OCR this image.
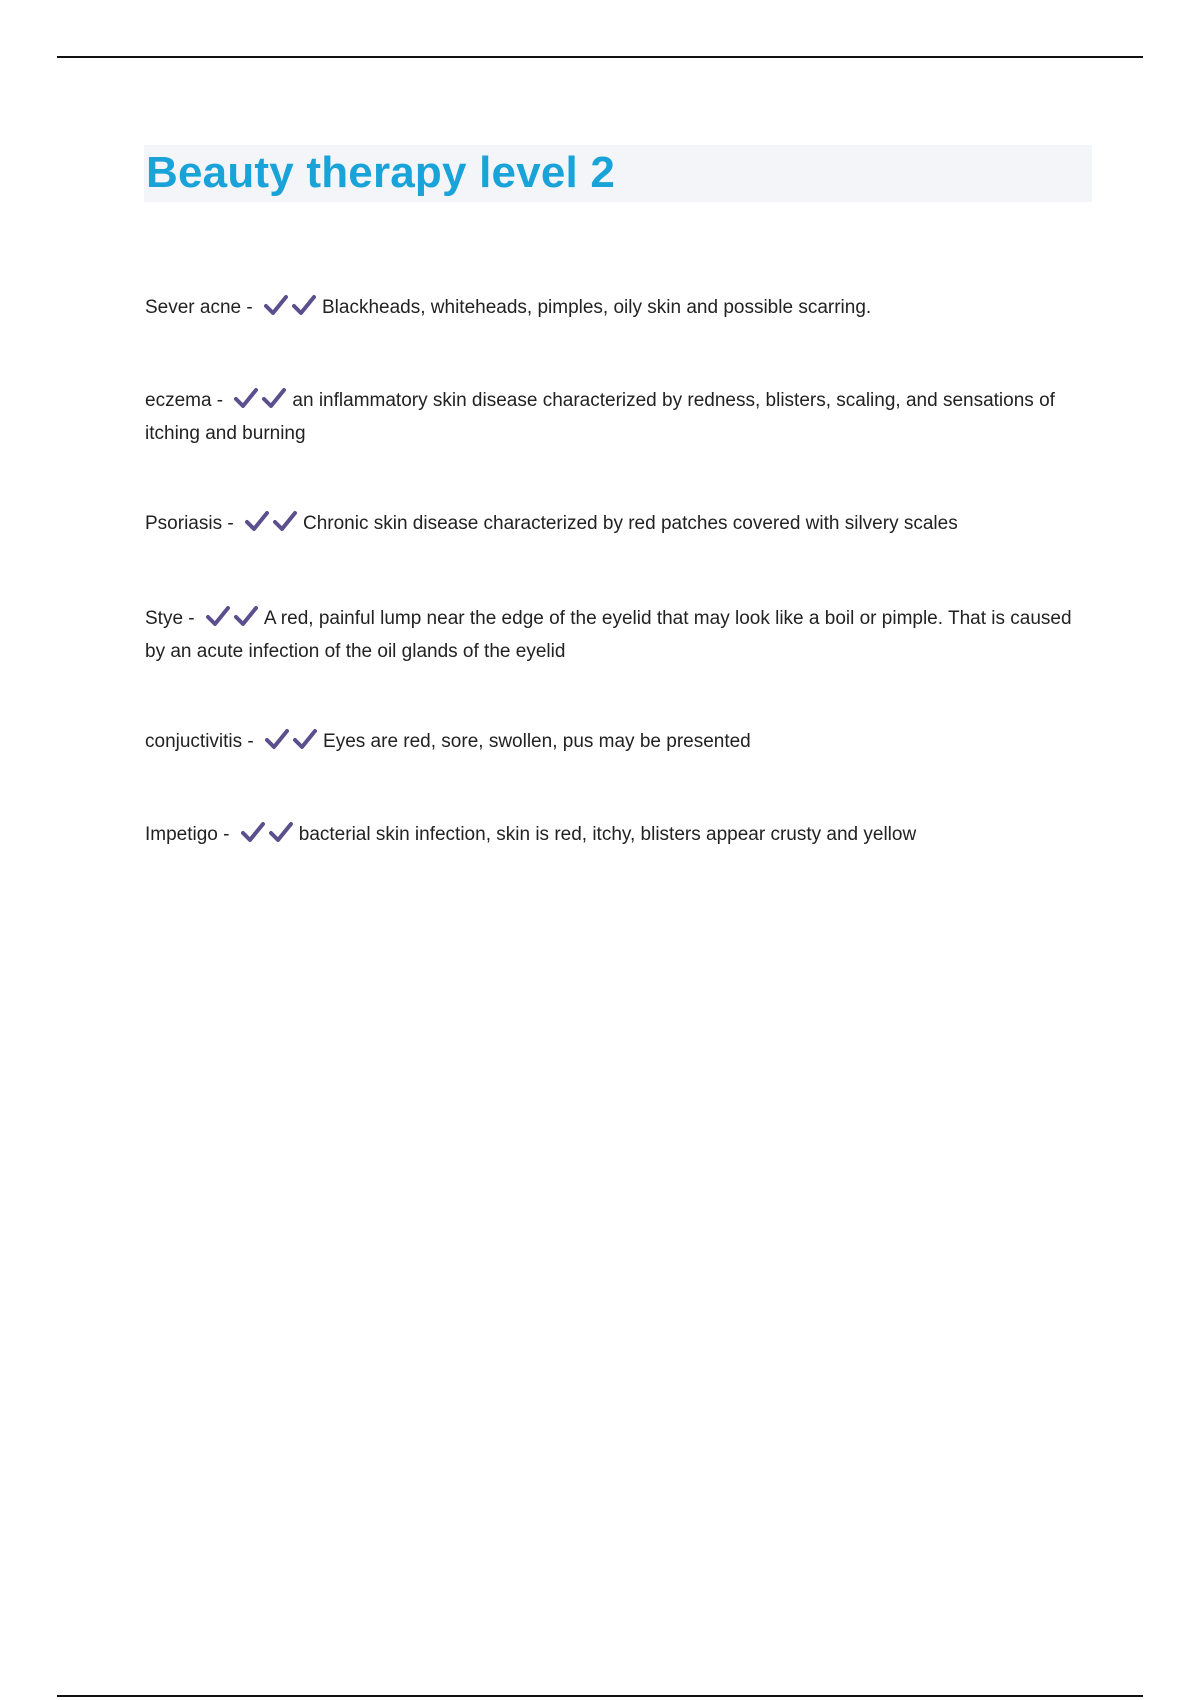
Beauty therapy level 2
Sever acne -	Blackheads, whiteheads, pimples, oily skin and possible scarring.
eczema -	an inflammatory skin disease characterized by redness, blisters, scaling, and sensations of itching and burning
Psoriasis -	Chronic skin disease characterized by red patches covered with silvery scales
Stye -	A red, painful lump near the edge of the eyelid that may look like a boil or pimple. That is caused by an acute infection of the oil glands of the eyelid
conjuctivitis -	Eyes are red, sore, swollen, pus may be presented
Impetigo -	bacterial skin infection, skin is red, itchy, blisters appear crusty and yellow
